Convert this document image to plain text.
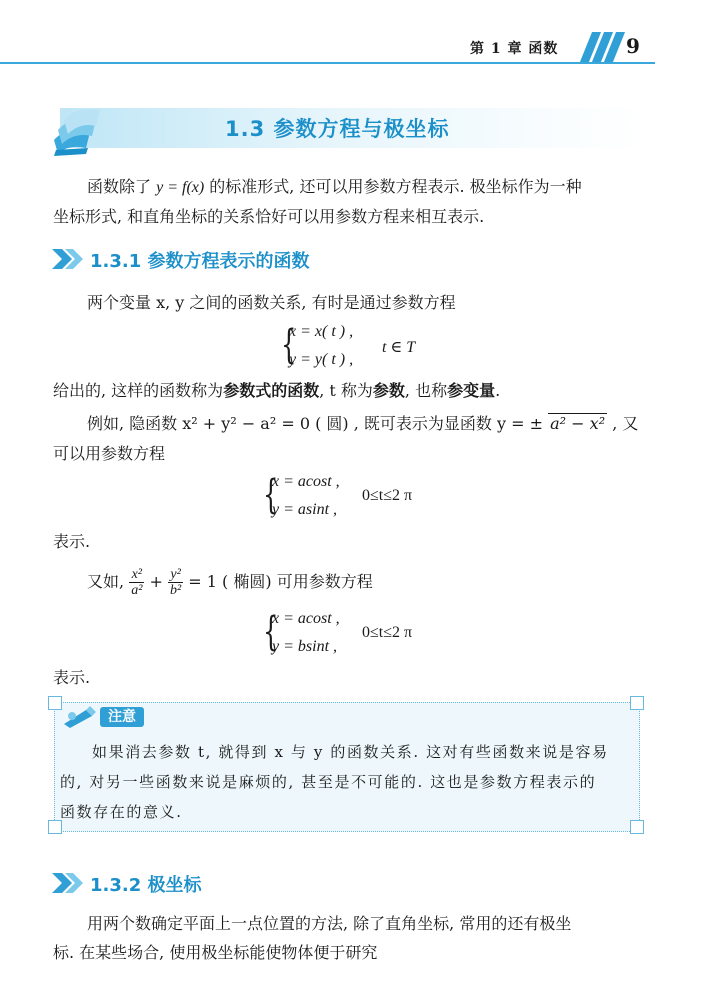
第 1 章 函数	9
1.3 参数方程与极坐标
函数除了 y = f(x) 的标准形式, 还可以用参数方程表示. 极坐标作为一种
坐标形式, 和直角坐标的关系恰好可以用参数方程来相互表示.
1.3.1 参数方程表示的函数
两个变量 x, y 之间的函数关系, 有时是通过参数方程
{
x = x( t ) ,
y = y( t ) ,
t ∈ T
给出的, 这样的函数称为参数式的函数, t 称为参数, 也称参变量.
例如, 隐函数 x² + y² − a² = 0 ( 圆) , 既可表示为显函数 y = ± a² − x² , 又
可以用参数方程
{
x = acost ,
y = asint ,
0≤t≤2 π
表示.
又如, $\frac{\text{x²}}{\text{a²}} + \frac{\text{y²}}{\text{b²}} = 1$ ( 椭圆) 可用参数方程
{
x = acost ,
y = bsint ,
0≤t≤2 π
表示.
注意
如果消去参数 t, 就得到 x 与 y 的函数关系. 这对有些函数来说是容易
的, 对另一些函数来说是麻烦的, 甚至是不可能的. 这也是参数方程表示的
函数存在的意义.
1.3.2 极坐标
用两个数确定平面上一点位置的方法, 除了直角坐标, 常用的还有极坐
标. 在某些场合, 使用极坐标能使物体便于研究
